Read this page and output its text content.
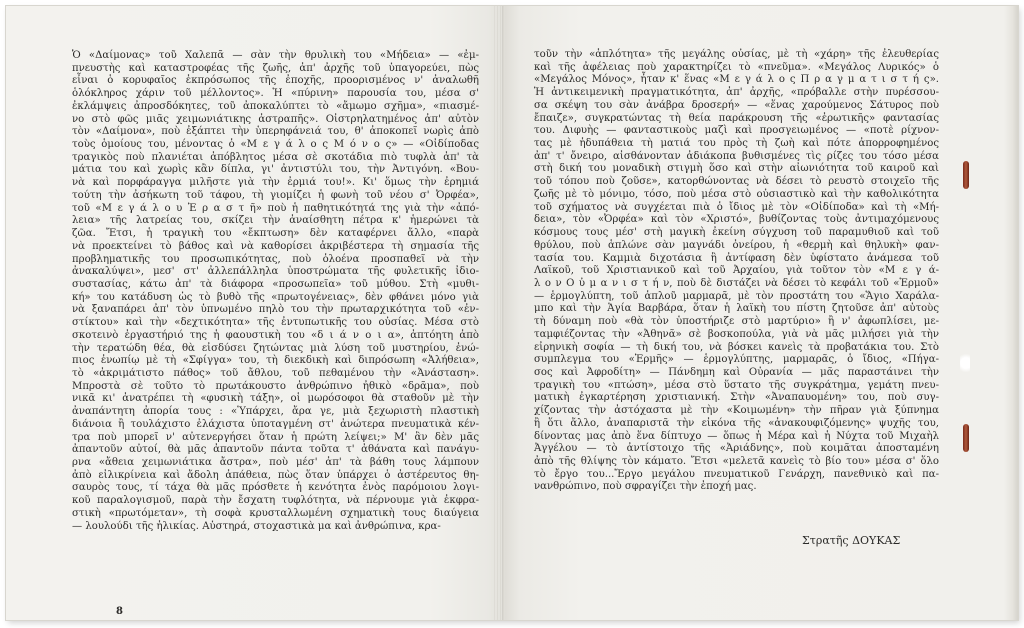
Ὁ «Δαίμονας» τοῦ Χαλεπᾶ — σὰν τὴν θρυλικὴ του «Μήδεια» — «ἐμ-
πνευστὴς καὶ καταστροφέας τῆς ζωῆς, ἀπ' ἀρχῆς τοῦ ὑπαγορεύει, πὼς
εἶναι ὁ κορυφαῖος ἐκπρόσωπος τῆς ἐποχῆς, προορισμένος ν' ἀναλωθῆ
ὁλόκληρος χάριν τοῦ μέλλοντος». Ἡ «πύρινη» παρουσία του, μέσα σ'
ἐκλάμψεις ἀπροσδόκητες, τοῦ ἀποκαλύπτει τὸ «ἄμωμο σχῆμα», «πιασμέ-
νο στὸ φῶς μιᾶς χειμωνιάτικης ἀστραπῆς». Οἰστρηλατημένος ἀπ' αὐτὸν
τὸν «Δαίμονα», ποὺ ἐξάπτει τὴν ὑπερηφάνειά του, θ' ἀποκοπεῖ νωρὶς ἀπὸ
τοὺς ὁμοίους του, μένοντας ὁ «Μ ε γ ά λ ο ς Μ ό ν ο ς» — «Οἰδίποδας
τραγικὸς ποὺ πλανιέται ἀπόβλητος μέσα σὲ σκοτάδια πιὸ τυφλὰ ἀπ' τὰ
μάτια του καὶ χωρὶς κἂν δίπλα, γι' ἀντιστύλι του, τὴν Ἀντιγόνη. «Βου-
νὰ καὶ πορφάραγγα μιλῆστε γιὰ τὴν ἐρμιά του!». Κι' ὅμως τὴν ἐρημιά
τούτη τὴν ἀσήκωτη τοῦ τάφου, τὴ γιομίζει ἡ φωνὴ τοῦ νέου σ' Ὀρφέα»,
τοῦ «Μ ε γ ά λ ο υ Ἐ ρ α σ τ ῆ» ποὺ ἡ παθητικότητά της γιὰ τὴν «ἀπό-
λεια» τῆς λατρείας του, σκίζει τὴν ἀναίσθητη πέτρα κ' ἡμερώνει τὰ
ζῶα. Ἔτσι, ἡ τραγικὴ του «ἔκπτωση» δὲν καταφέρνει ἄλλο, «παρὰ
νὰ προεκτείνει τὸ βάθος καὶ νὰ καθορίσει ἀκριβέστερα τὴ σημασία τῆς
προβληματικῆς του προσωπικότητας, ποὺ ὁλοένα προσπαθεῖ νὰ τὴν
ἀνακαλύψει», μεσ' στ' ἀλλεπάλληλα ὑποστρώματα τῆς φυλετικῆς ἰδιο-
συστασίας, κάτω ἀπ' τὰ διάφορα «προσωπεῖα» τοῦ μύθου. Στὴ «μυθι-
κή» του κατάδυση ὡς τὸ βυθὸ τῆς «πρωτογένειας», δὲν φθάνει μόνο γιὰ
νὰ ξαναπάρει ἀπ' τὸν ὑπνωμένο πηλὸ του τὴν πρωταρχικότητα τοῦ «ἐν-
στίκτου» καὶ τὴν «δεχτικότητα» τῆς ἐντυπωτικῆς του οὐσίας. Μέσα στὸ
σκοτεινὸ ἐργαστήριό της ἡ φαουστικὴ του «δ ι ά ν ο ι α», ἀπτόητη ἀπὸ
τὴν τερατώδη θέα, θὰ εἰσδύσει ζητώντας μιὰ λύση τοῦ μυστηρίου, ἐνώ-
πιος ἐνωπίῳ μὲ τὴ «Σφίγγα» του, τὴ διεκδικὴ καὶ διπρόσωπη «Ἀλήθεια»,
τὸ «ἀκριμάτιστο πάθος» τοῦ ἄθλου, τοῦ πεθαμένου τὴν «Ἀνάσταση».
Μπροστὰ σὲ τοῦτο τὸ πρωτάκουστο ἀνθρώπινο ἠθικὸ «δρᾶμα», ποὺ
νικᾶ κι' ἀνατρέπει τὴ «φυσικὴ τάξη», οἱ μωρόσοφοι θὰ σταθοῦν μὲ τὴν
ἀναπάντητη ἀπορία τους : «Ὑπάρχει, ἄρα γε, μιὰ ξεχωριστὴ πλαστικὴ
διάνοια ἢ τουλάχιστο ἐλάχιστα ὑποταγμένη στ' ἀνώτερα πνευματικὰ κέν-
τρα ποὺ μπορεῖ ν' αὐτενεργήσει ὅταν ἡ πρώτη λείψει;» Μ' ἂν δὲν μᾶς
ἀπαντοῦν αὐτοί, θὰ μᾶς ἀπαντοῦν πάντα τοῦτα τ' ἀθάνατα καὶ πανάγυ-
ρνα «ἄθεια χειμωνιάτικα ἄστρα», ποὺ μέσ' ἀπ' τὰ βάθη τους λάμπουν
ἀπὸ εἰλικρίνεια καὶ ἄδολη ἀπάθεια, πὼς ὅταν ὑπάρχει ὁ ἀστέρευτος θη-
σαυρὸς τους, τί τάχα θὰ μᾶς πρόσθετε ἡ κενότητα ἐνὸς παρόμοιου λογι-
κοῦ παραλογισμοῦ, παρὰ τὴν ἔσχατη τυφλότητα, νὰ πέρνουμε γιὰ ἐκφρα-
στικὴ «πρωτόμεταν», τὴ σοφὰ κρυσταλλωμένη σχηματικὴ τους διαύγεια
— λουλούδι τῆς ἡλικίας. Αὐστηρά, στοχαστικὰ μα καὶ ἀνθρώπινα, κρα-
8
τοῦν τὴν «ἁπλότητα» τῆς μεγάλης οὐσίας, μὲ τὴ «χάρη» τῆς ἐλευθερίας
καὶ τῆς ἀφέλειας ποὺ χαρακτηρίζει τὸ «πνεῦμα». «Μεγάλος Λυρικός» ὁ
«Μεγάλος Μόνος», ἦταν κ' ἕνας «Μ ε γ ά λ ο ς Π ρ α γ μ α τ ι σ τ ή ς».
Ἡ ἀντικειμενικὴ πραγματικότητα, ἀπ' ἀρχῆς, «πρόβαλλε στὴν πυρέσσου-
σα σκέψη του σὰν ἀνάβρα δροσερή» — «ἕνας χαρούμενος Σάτυρος ποὺ
ἔπαιζε», συγκρατώντας τὴ θεία παράκρουση τῆς «ἐρωτικῆς» φαντασίας
του. Διφυὴς — φανταστικοὺς μαζὶ καὶ προσγειωμένος — «ποτὲ ρίχνον-
τας μὲ ἡδυπάθεια τὴ ματιά του πρὸς τὴ ζωὴ καὶ πότε ἀπορροφημένος
ἀπ' τ' ὄνειρο, αἰσθάνονταν ἀδιάκοπα βυθισμένες τὶς ρίζες του τόσο μέσα
στὴ δική του μοναδικὴ στιγμὴ ὅσο καὶ στὴν αἰωνιότητα τοῦ καιροῦ καὶ
τοῦ τόπου ποὺ ζοῦσε», κατορθώνοντας νὰ δέσει τὸ ρευστὸ στοιχεῖο τῆς
ζωῆς μὲ τὸ μόνιμο, τόσο, ποὺ μέσα στὸ οὐσιαστικὸ καὶ τὴν καθολικότητα
τοῦ σχήματος νὰ συγχέεται πιὰ ὁ ἴδιος μὲ τὸν «Οἰδίποδα» καὶ τὴ «Μή-
δεια», τὸν «Ὀρφέα» καὶ τὸν «Χριστό», βυθίζοντας τοὺς ἀντιμαχόμενους
κόσμους τους μέσ' στὴ μαγικὴ ἐκείνη σύγχυση τοῦ παραμυθιοῦ καὶ τοῦ
θρύλου, ποὺ ἁπλώνε σὰν μαγνάδι ὀνείρου, ἡ «θερμὴ καὶ θηλυκὴ» φαν-
τασία του. Καμμιὰ διχοτάσια ἢ ἀντίφαση δὲν ὑφίστατο ἀνάμεσα τοῦ
Λαϊκοῦ, τοῦ Χριστιανικοῦ καὶ τοῦ Ἀρχαίου, γιὰ τοῦτον τὸν «Μ ε γ ά-
λ ο ν Ο ὐ μ α ν ι σ τ ή ν, ποὺ δὲ διστάζει νὰ δέσει τὸ κεφάλι τοῦ «Ἑρμοῦ»
— ἑρμογλύπτη, τοῦ ἁπλοῦ μαρμαρᾶ, μὲ τὸν προστάτη του «Ἅγιο Χαράλα-
μπο καὶ τὴν Ἁγία Βαρβάρα, ὅταν ἡ λαϊκὴ του πίστη ζητοῦσε ἀπ' αὐτοὺς
τὴ δύναμη ποὺ «θὰ τὸν ὑποστήριζε στὸ μαρτύριο» ἢ ν' ἀφωπλίσει, με-
ταμφιέζοντας τὴν «Ἀθηνᾶ» σὲ βοσκοπούλα, γιὰ νὰ μᾶς μιλήσει γιὰ τὴν
εἰρηνικὴ σοφία — τὴ δική του, νὰ βόσκει κανεὶς τὰ προβατάκια του. Στὸ
συμπλεγμα του «Ἑρμῆς» — ἑρμογλύπτης, μαρμαρᾶς, ὁ ἴδιος, «Πήγα-
σος καὶ Ἀφροδίτη» — Πάνδημη καὶ Οὐρανία — μᾶς παραστάινει τὴν
τραγικὴ του «πτώση», μέσα στὸ ὕστατο τῆς συγκράτημα, γεμάτη πνευ-
ματικὴ ἐγκαρτέρηση χριστιανική. Στὴν «Ἀναπαυομένη» του, ποὺ συγ-
χίζοντας τὴν ἀστόχαστα μὲ τὴν «Κοιμωμένη» τὴν πῆραν γιὰ ξύπνημα
ἢ ὅτι ἄλλο, ἀναπαριστᾶ τὴν εἰκόνα τῆς «ἀνακουφιζόμενης» ψυχῆς του,
δίνοντας μας ἀπὸ ἕνα δίπτυχο — ὅπως ἡ Μέρα καὶ ἡ Νύχτα τοῦ Μιχαὴλ
Ἀγγέλου — τὸ ἀντίστοιχο τῆς «Ἀριάδνης», ποὺ κοιμᾶται ἀποσταμένη
ἀπὸ τῆς θλίψης τὸν κάματο. Ἔτσι «μελετᾶ κανεὶς τὸ βίο του» μέσα σ' ὅλο
τὸ ἔργο του...Ἔργο μεγάλου πνευματικοῦ Γενάρχη, πανεθνικὸ καὶ πα-
νανθρώπινο, ποὺ σφραγίζει τὴν ἐποχή μας.
Στρατῆς ΔΟΥΚΑΣ
